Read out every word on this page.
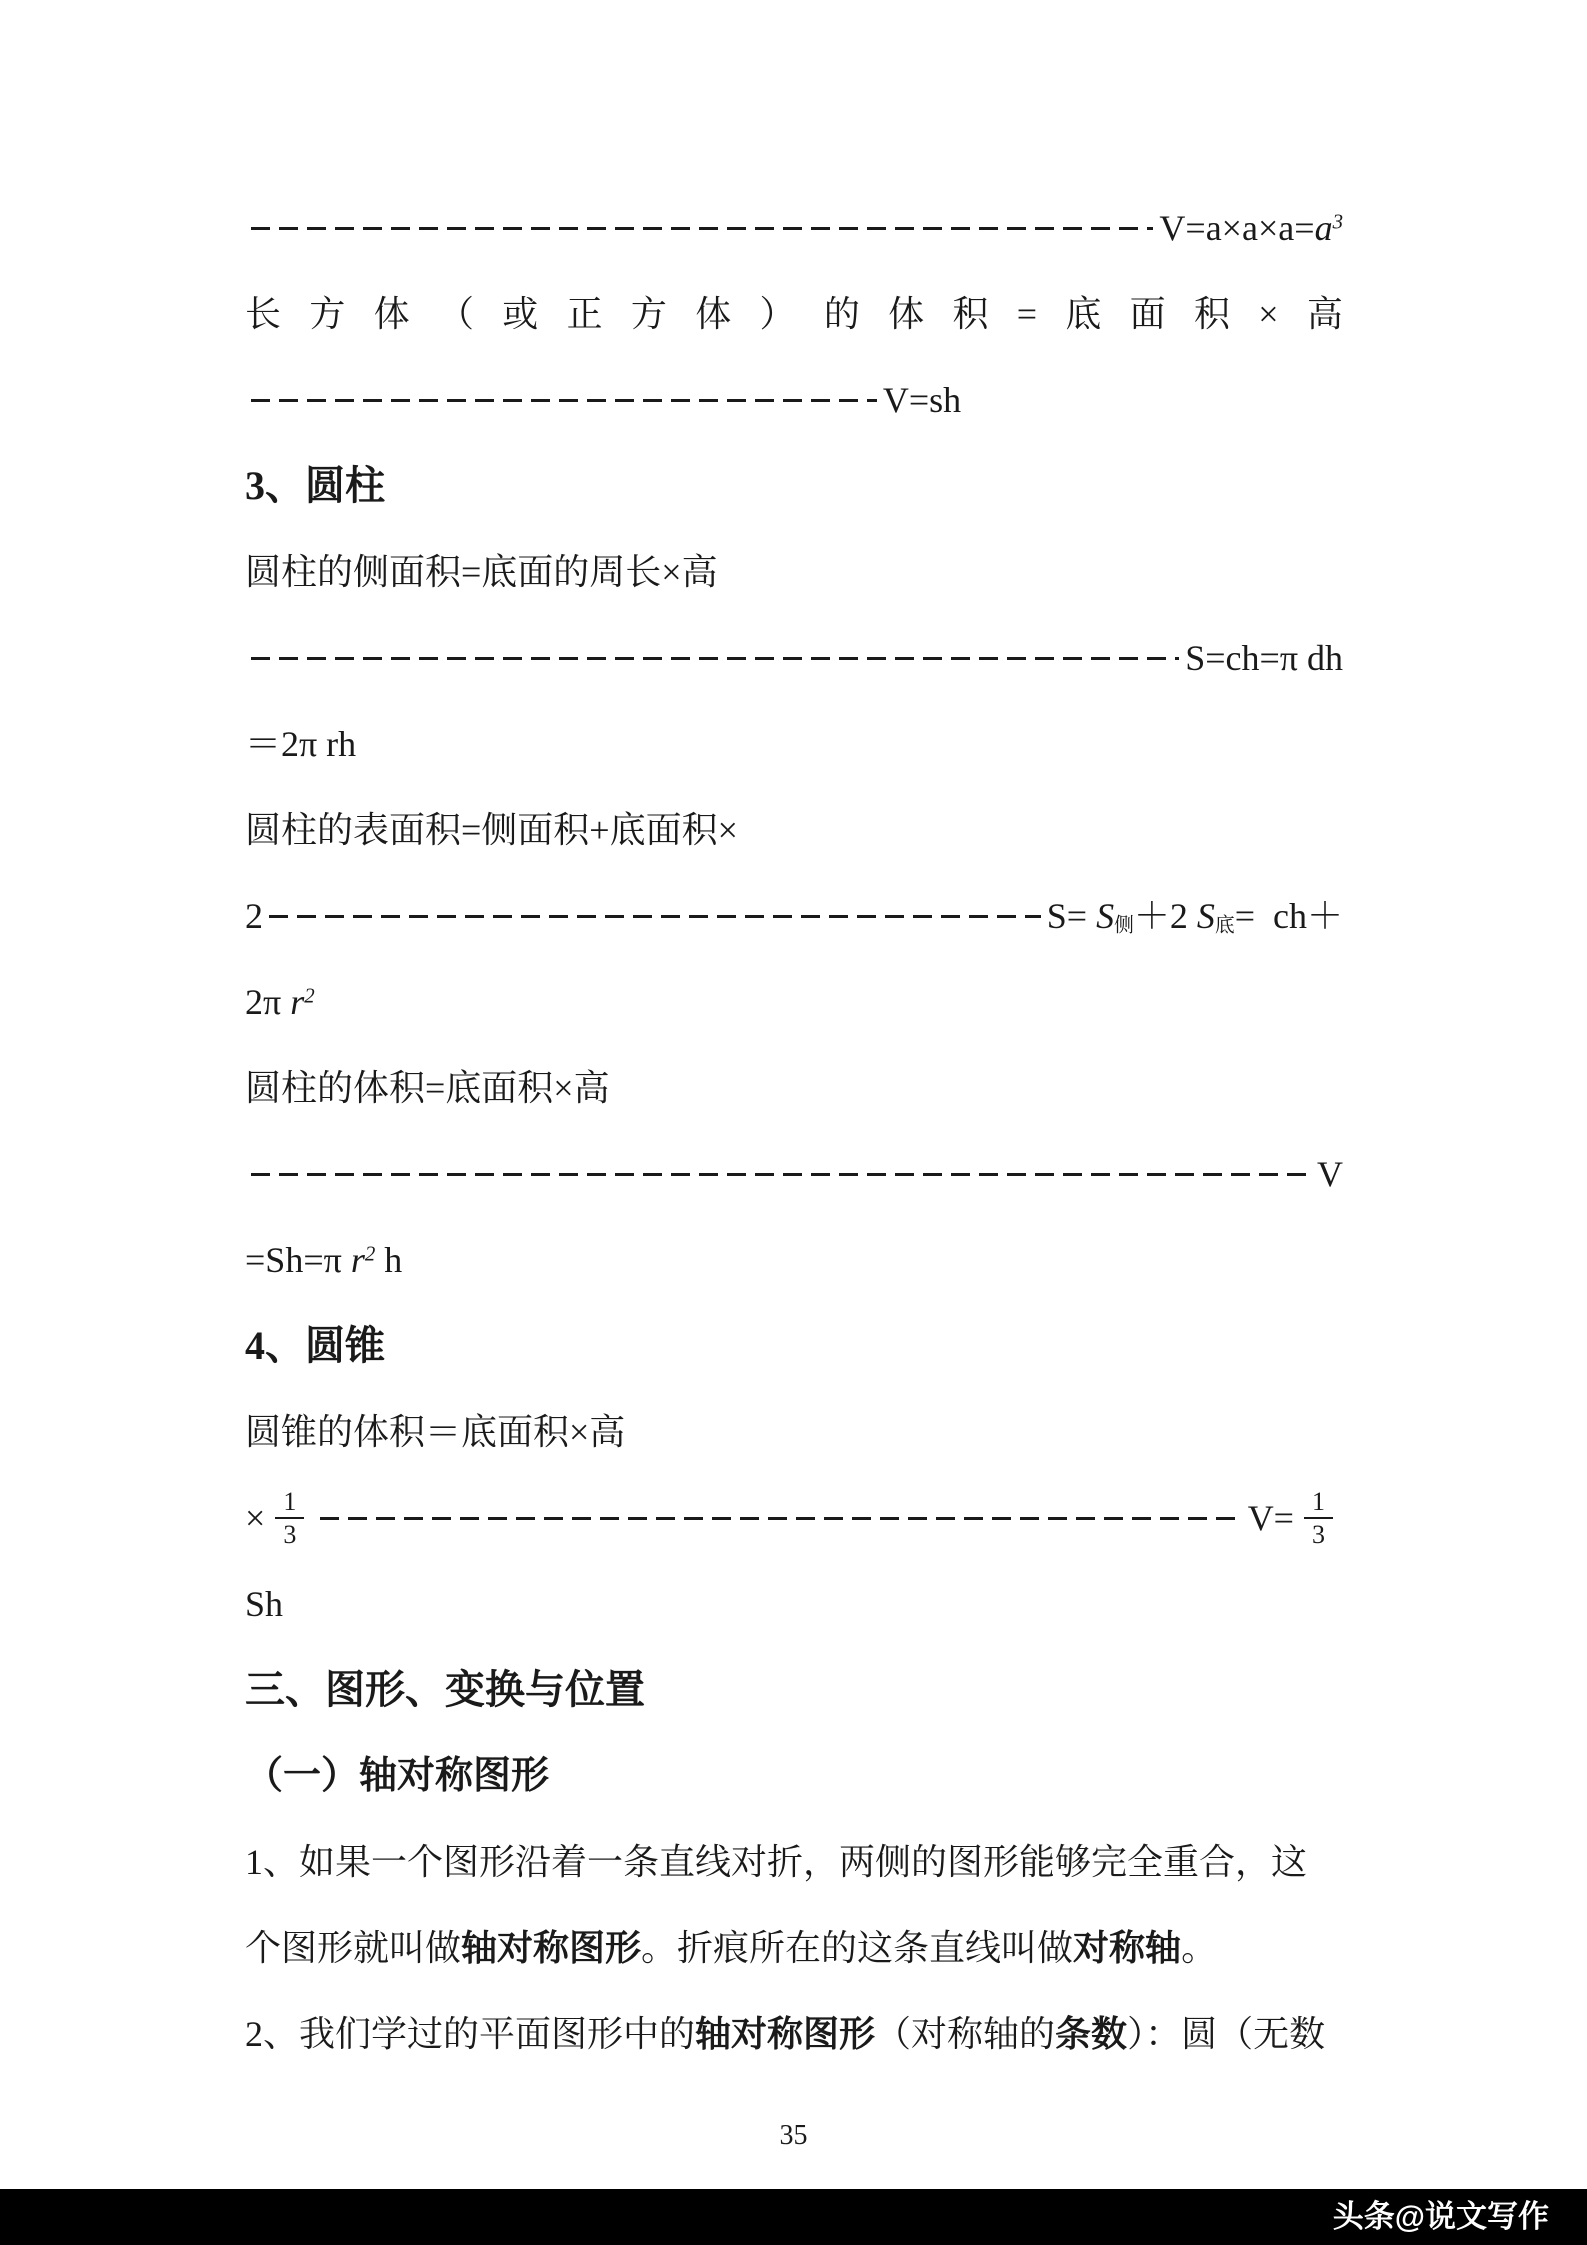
$V=a\times a\times a=a^3$
长 方 体 （ 或 正 方 体 ） 的 体 积 = 底 面 积 × 高
V=sh
3、圆柱
圆柱的侧面积=底面的周长×高
S=ch=π dh
＝2π rh
圆柱的表面积=侧面积+底面积×
2	S= S侧＋2 S底=  ch＋
2π $r^2$
圆柱的体积=底面积×高
V
=Sh=π $r^2$ h
4、圆锥
圆锥的体积＝底面积×高
× $\frac{1}{3}$	$V= \frac{1}{3}$
Sh
三、图形、变换与位置
（一）轴对称图形
1、如果一个图形沿着一条直线对折，两侧的图形能够完全重合，这
个图形就叫做轴对称图形。折痕所在的这条直线叫做对称轴。
2、我们学过的平面图形中的轴对称图形（对称轴的条数）：圆（无数
35
头条@说文写作
